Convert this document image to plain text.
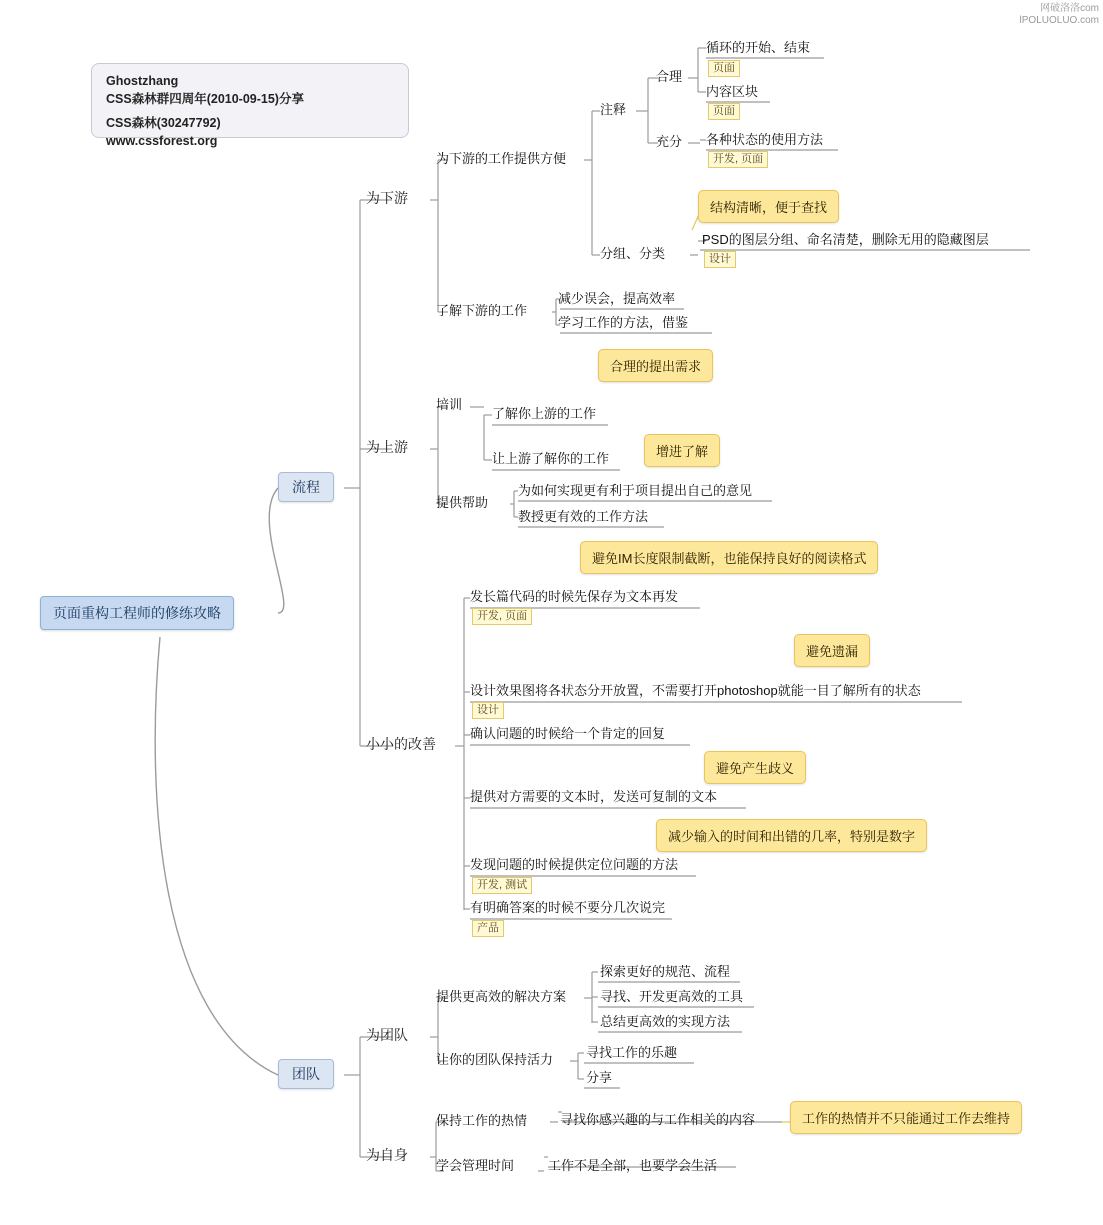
网破洛洛com
lPOLUOLUO.com
Ghostzhang
CSS森林群四周年(2010-09-15)分享
CSS森林(30247792)
www.cssforest.org
页面重构工程师的修练攻略
流程
团队
为下游
为上游
小小的改善
为团队
为自身
为下游的工作提供方便
了解下游的工作
注释
合理
充分
循环的开始、结束
页面
内容区块
页面
各种状态的使用方法
开发, 页面
分组、分类
PSD的图层分组、命名清楚，删除无用的隐藏图层
设计
减少误会，提高效率
学习工作的方法，借鉴
培训
了解你上游的工作
让上游了解你的工作
提供帮助
为如何实现更有利于项目提出自己的意见
教授更有效的工作方法
发长篇代码的时候先保存为文本再发
开发, 页面
设计效果图将各状态分开放置，不需要打开photoshop就能一目了解所有的状态
设计
确认问题的时候给一个肯定的回复
提供对方需要的文本时，发送可复制的文本
发现问题的时候提供定位问题的方法
开发, 测试
有明确答案的时候不要分几次说完
产品
提供更高效的解决方案
探索更好的规范、流程
寻找、开发更高效的工具
总结更高效的实现方法
让你的团队保持活力	寻找工作的乐趣
分享
保持工作的热情	寻找你感兴趣的与工作相关的内容
学会管理时间	工作不是全部，也要学会生活
结构清晰，便于查找
合理的提出需求
增进了解
避免IM长度限制截断，也能保持良好的阅读格式
避免遗漏
避免产生歧义
减少输入的时间和出错的几率，特别是数字
工作的热情并不只能通过工作去维持
